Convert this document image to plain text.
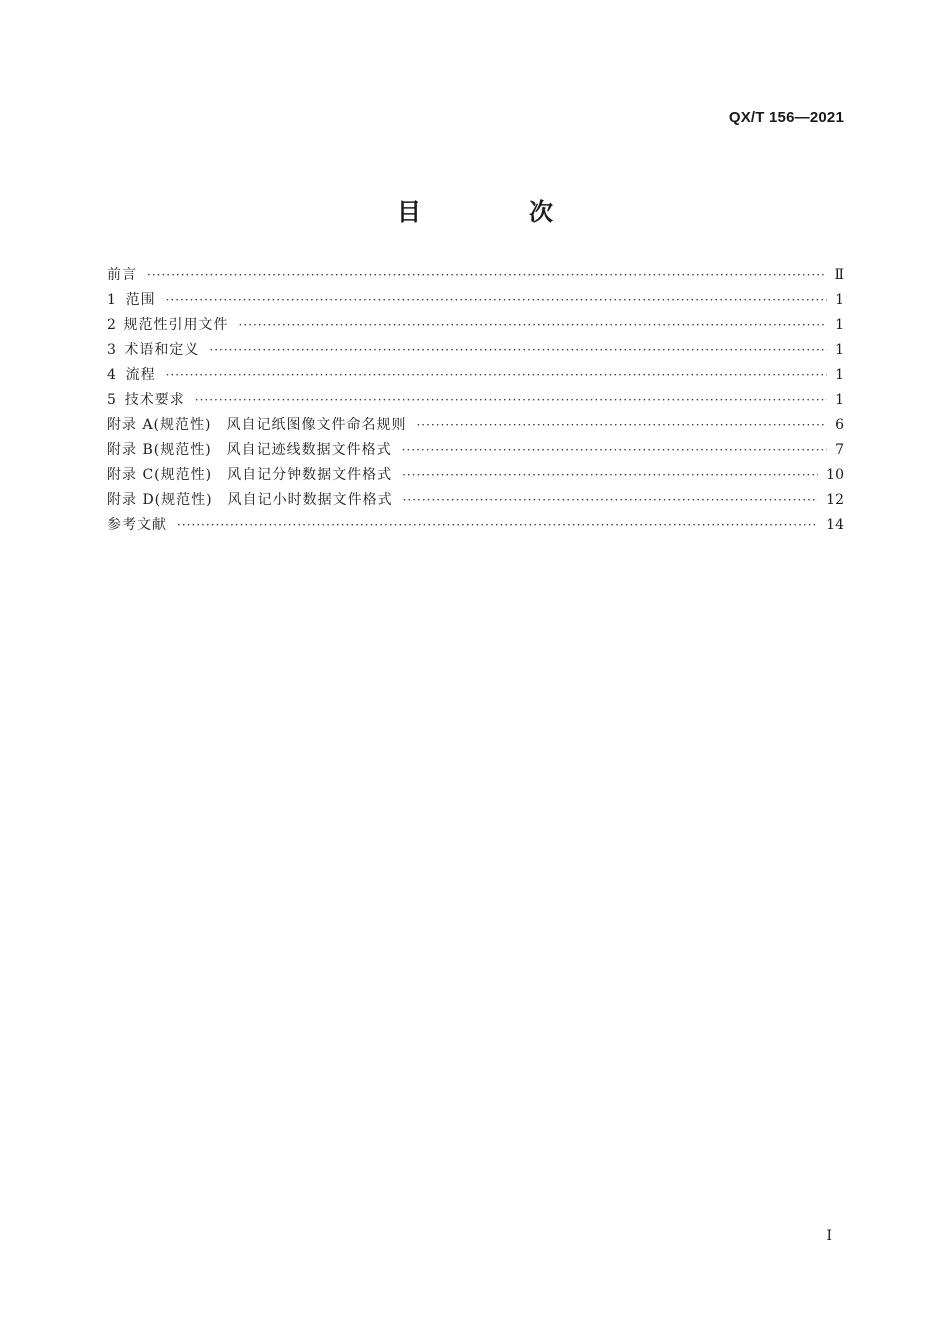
QX/T 156—2021
目　次
前言 ·····	Ⅱ
1 范围 ·····	1
2 规范性引用文件 ·····	1
3 术语和定义 ·····	1
4 流程 ·····	1
5 技术要求 ·····	1
附录 A(规范性)　风自记纸图像文件命名规则 ·····	6
附录 B(规范性)　风自记迹线数据文件格式 ·····	7
附录 C(规范性)　风自记分钟数据文件格式 ·····	10
附录 D(规范性)　风自记小时数据文件格式 ·····	12
参考文献 ·····	14
I
